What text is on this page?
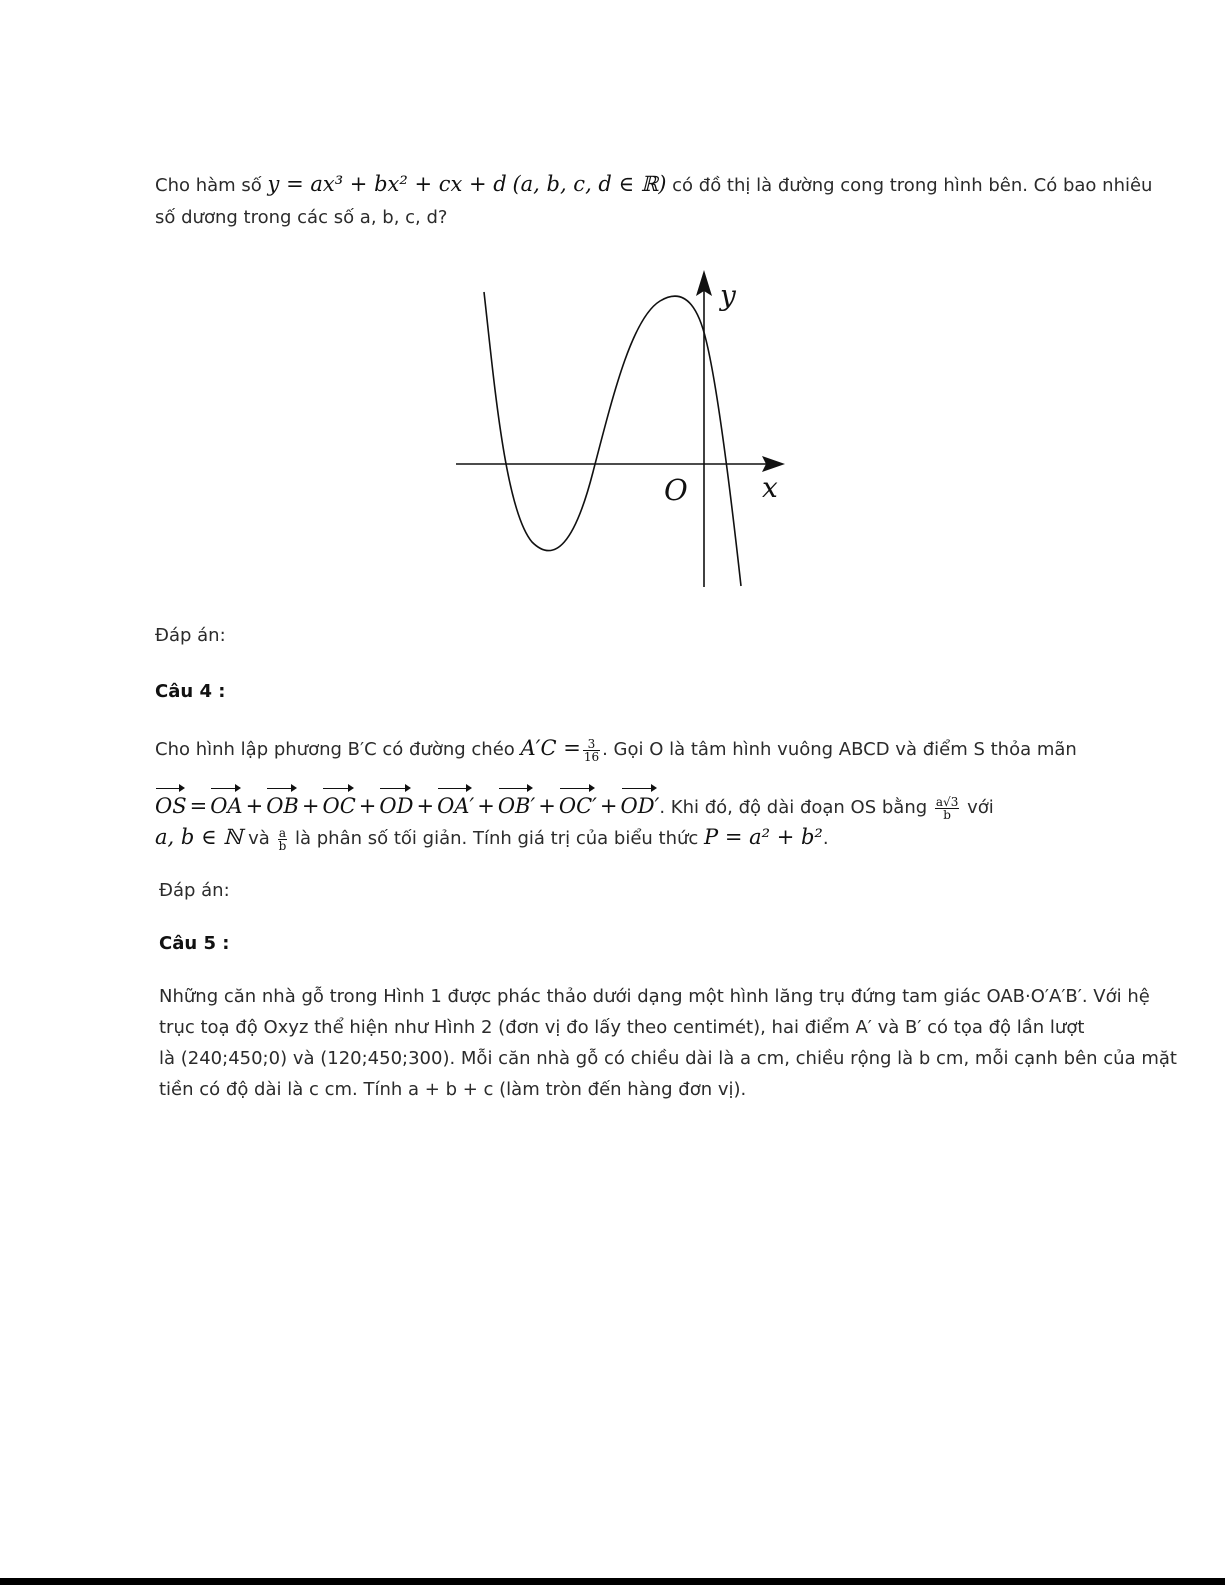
Cho hàm số y = ax³ + bx² + cx + d (a, b, c, d ∈ ℝ) có đồ thị là đường cong trong hình bên. Có bao nhiêu
số dương trong các số a, b, c, d?
y
x
O
Đáp án:
Câu 4 :
Cho hình lập phương B′C có đường chéo $A'C = \frac{3}{16}$ . Gọi O là tâm hình vuông ABCD và điểm S thỏa mãn
OS = OA + OB + OC + OD + OA′ + OB′ + OC′ + OD′. Khi đó, độ dài đoạn OS bằng $\frac{a√3}{b}$ với
a, b ∈ ℕ và $\frac{a}{b}$ là phân số tối giản. Tính giá trị của biểu thức P = a² + b².
Đáp án:
Câu 5 :
Những căn nhà gỗ trong Hình 1 được phác thảo dưới dạng một hình lăng trụ đứng tam giác OAB·O′A′B′. Với hệ
trục toạ độ Oxyz thể hiện như Hình 2 (đơn vị đo lấy theo centimét), hai điểm A′ và B′ có tọa độ lần lượt
là (240;450;0) và (120;450;300). Mỗi căn nhà gỗ có chiều dài là a cm, chiều rộng là b cm, mỗi cạnh bên của mặt
tiền có độ dài là c cm. Tính a + b + c (làm tròn đến hàng đơn vị).
